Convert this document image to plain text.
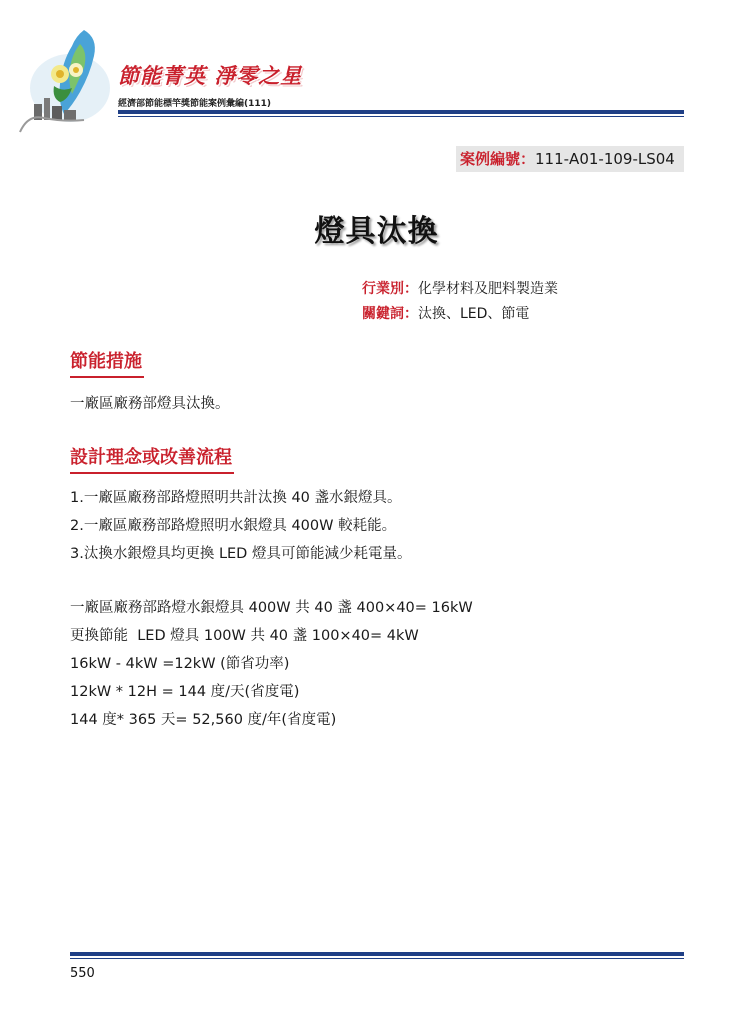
節能菁英 淨零之星
經濟部節能標竿獎節能案例彙編(111)
案例編號：111-A01-109-LS04
燈具汰換
行業別：化學材料及肥料製造業
關鍵詞：汰換、LED、節電
節能措施
一廠區廠務部燈具汰換。
設計理念或改善流程
1.一廠區廠務部路燈照明共計汰換 40 盞水銀燈具。
2.一廠區廠務部路燈照明水銀燈具 400W 較耗能。
3.汰換水銀燈具均更換 LED 燈具可節能減少耗電量。
一廠區廠務部路燈水銀燈具 400W 共 40 盞 400×40= 16kW
更換節能  LED 燈具 100W 共 40 盞 100×40= 4kW
16kW - 4kW =12kW (節省功率)
12kW * 12H = 144 度/天(省度電)
144 度* 365 天= 52,560 度/年(省度電)
550
